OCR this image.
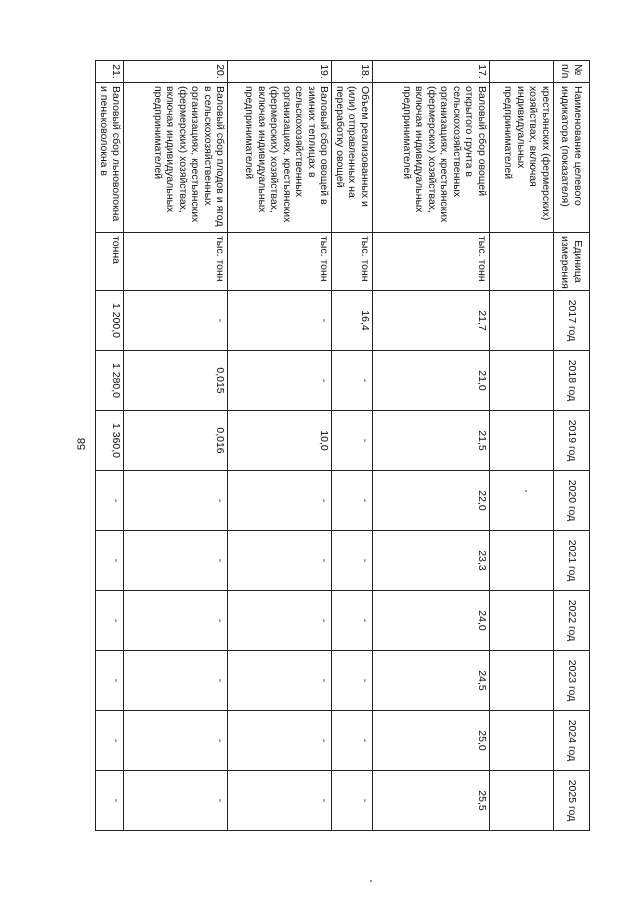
58
№ п/п	Наименование целевого индикатора (показателя)	Единица измерения	2017 год	2018 год	2019 год	2020 год	2021 год	2022 год	2023 год	2024 год	2025 год
	крестьянских (фермерских) хозяйствах, включая индивидуальных предпринимателей										
17.	Валовый сбор овощей открытого грунта в сельскохозяйственных организациях, крестьянских (фермерских) хозяйствах, включая индивидуальных предпринимателей	тыс. тонн	21,7	21,0	21,5	22,0	23,3	24,0	24,5	25,0	25,5
18.	Объем реализованных и (или) отправленных на переработку овощей	тыс. тонн	16,4	-	-	-	-	-	-	-	-
19.	Валовый сбор овощей в зимних теплицах в сельскохозяйственных организациях, крестьянских (фермерских) хозяйствах, включая индивидуальных предпринимателей	тыс. тонн	-	-	10,0	-	-	-	-	-	-
20.	Валовый сбор плодов и ягод в сельскохозяйственных организациях, крестьянских (фермерских) хозяйствах, включая индивидуальных предпринимателей	тыс. тонн	-	0,015	0,016	-	-	-	-	-	-
21.	Валовый сбор льноволокна и пеньковолокна в	тонна	1 200,0	1 280,0	1 360,0	-	-	-	-	-	-
